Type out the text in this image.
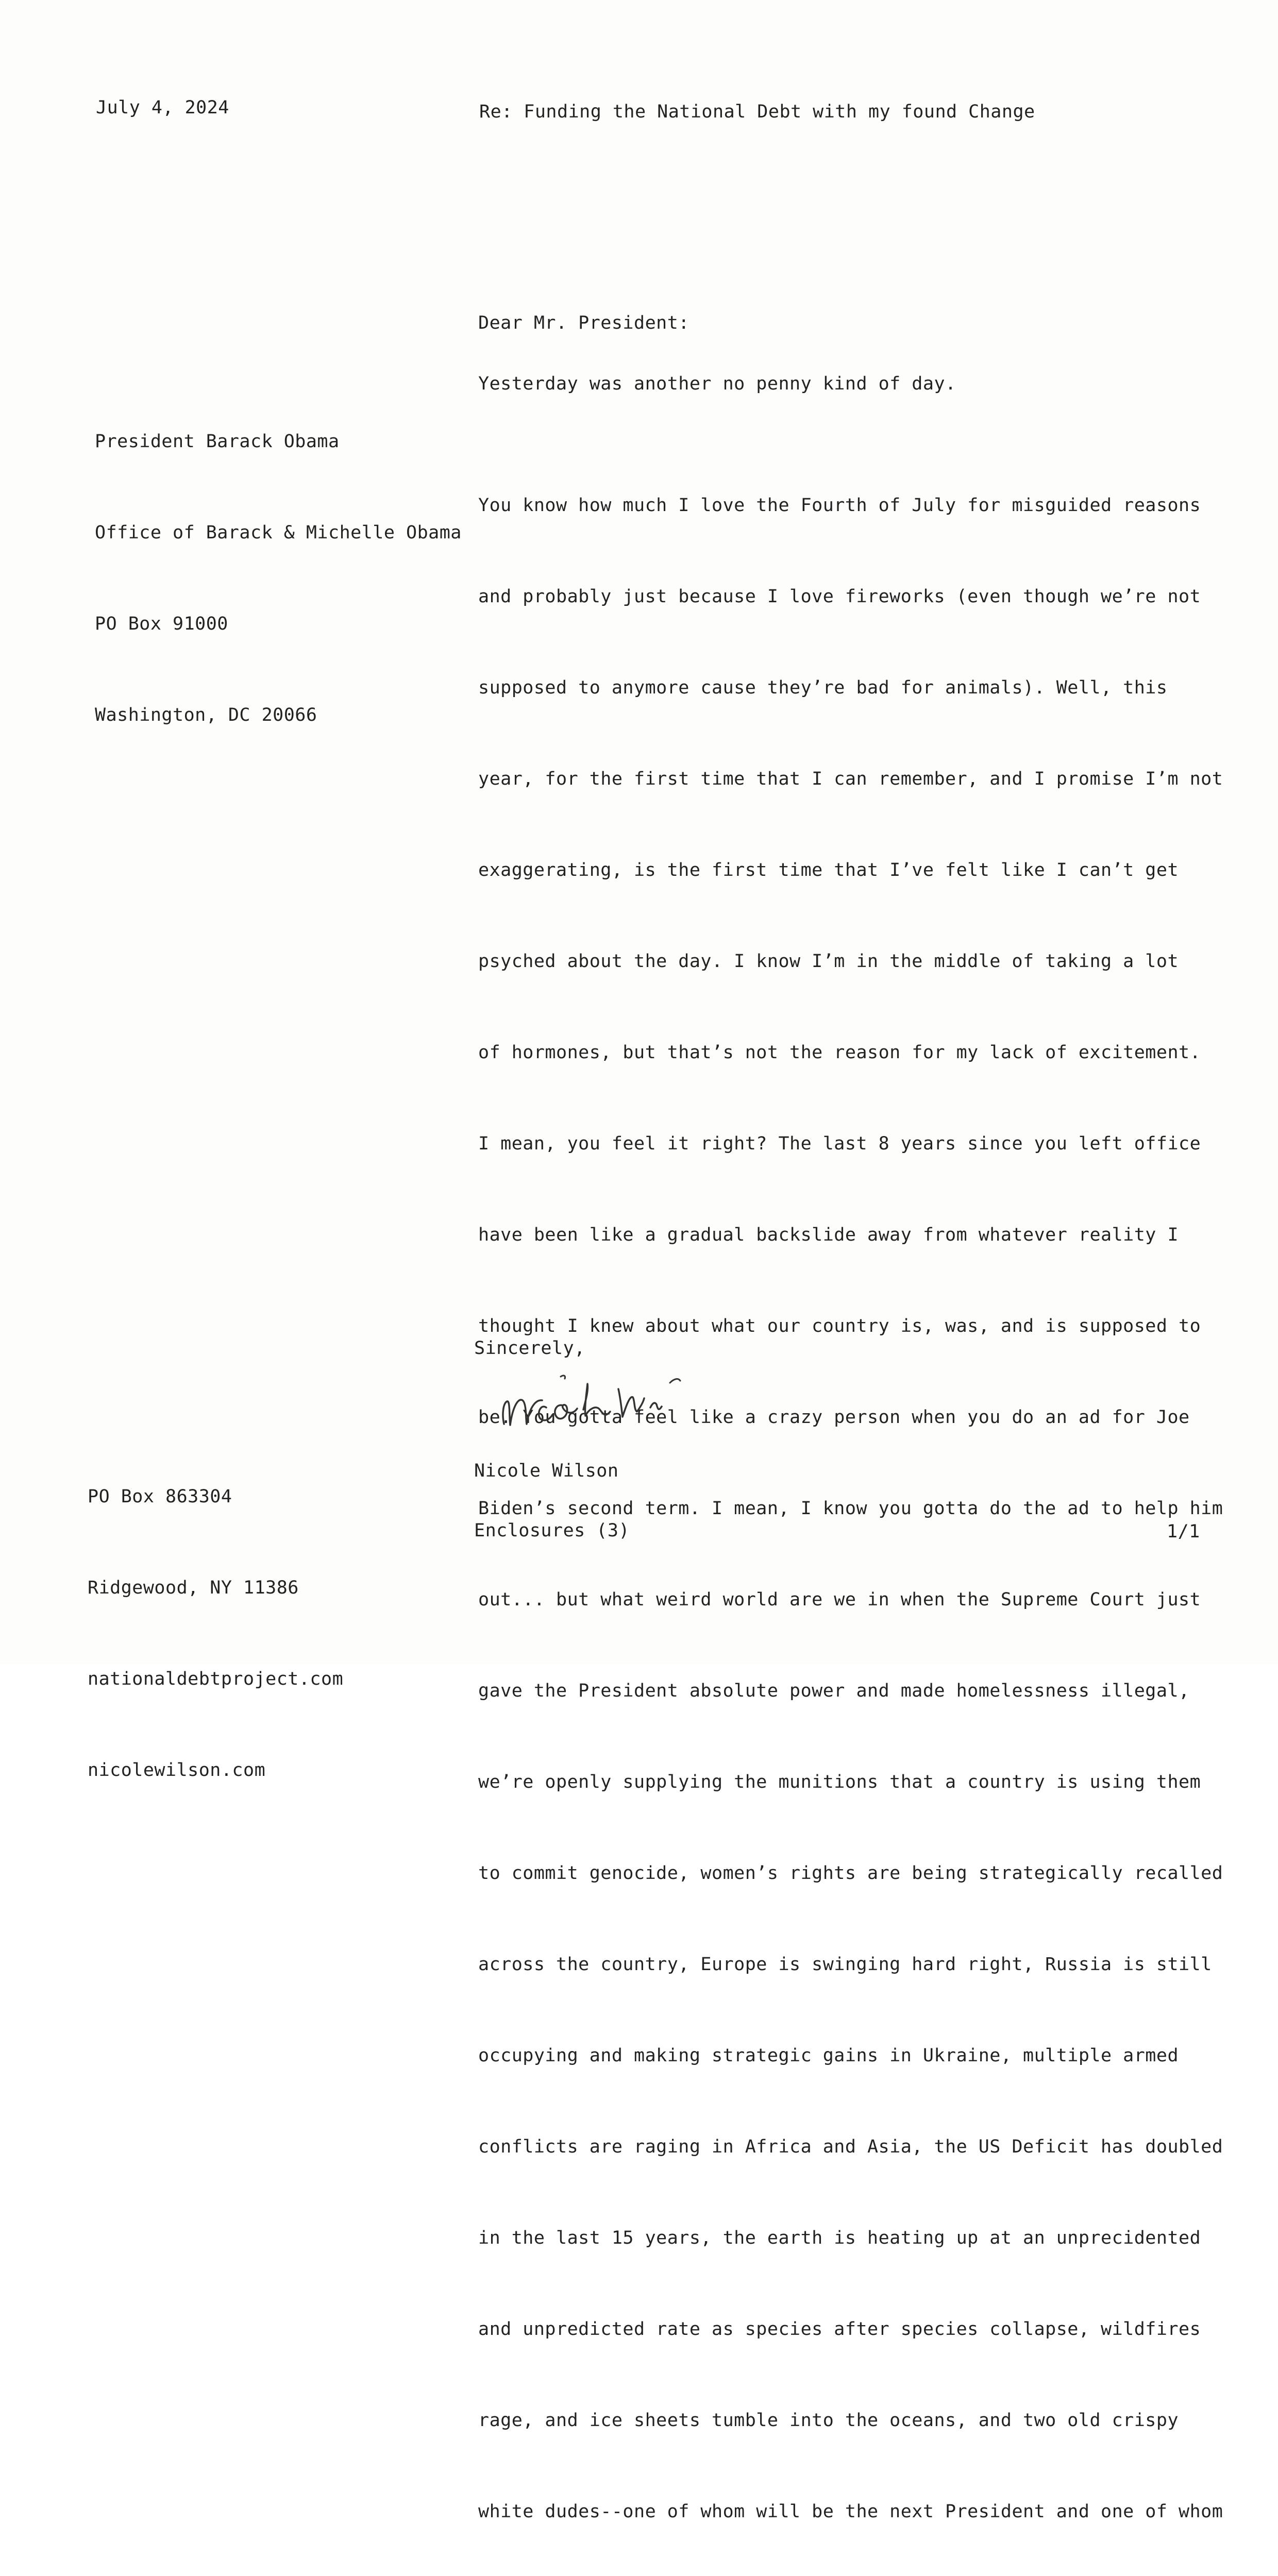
July 4, 2024	Re: Funding the National Debt with my found Change

President Barack Obama

Office of Barack & Michelle Obama

PO Box 91000

Washington, DC 20066

Dear Mr. President:
Yesterday was another no penny kind of day.

You know how much I love the Fourth of July for misguided reasons

and probably just because I love fireworks (even though we’re not

supposed to anymore cause they’re bad for animals). Well, this

year, for the first time that I can remember, and I promise I’m not

exaggerating, is the first time that I’ve felt like I can’t get

psyched about the day. I know I’m in the middle of taking a lot

of hormones, but that’s not the reason for my lack of excitement.

I mean, you feel it right? The last 8 years since you left office

have been like a gradual backslide away from whatever reality I

thought I knew about what our country is, was, and is supposed to

be. You gotta feel like a crazy person when you do an ad for Joe

Biden’s second term. I mean, I know you gotta do the ad to help him

out... but what weird world are we in when the Supreme Court just

gave the President absolute power and made homelessness illegal,

we’re openly supplying the munitions that a country is using them

to commit genocide, women’s rights are being strategically recalled

across the country, Europe is swinging hard right, Russia is still

occupying and making strategic gains in Ukraine, multiple armed

conflicts are raging in Africa and Asia, the US Deficit has doubled

in the last 15 years, the earth is heating up at an unprecidented

and unpredicted rate as species after species collapse, wildfires

rage, and ice sheets tumble into the oceans, and two old crispy

white dudes--one of whom will be the next President and one of whom

Sincerely,
Nicole Wilson
Enclosures (3)	1/1

PO Box 863304

Ridgewood, NY 11386

nationaldebtproject.com

nicolewilson.com
